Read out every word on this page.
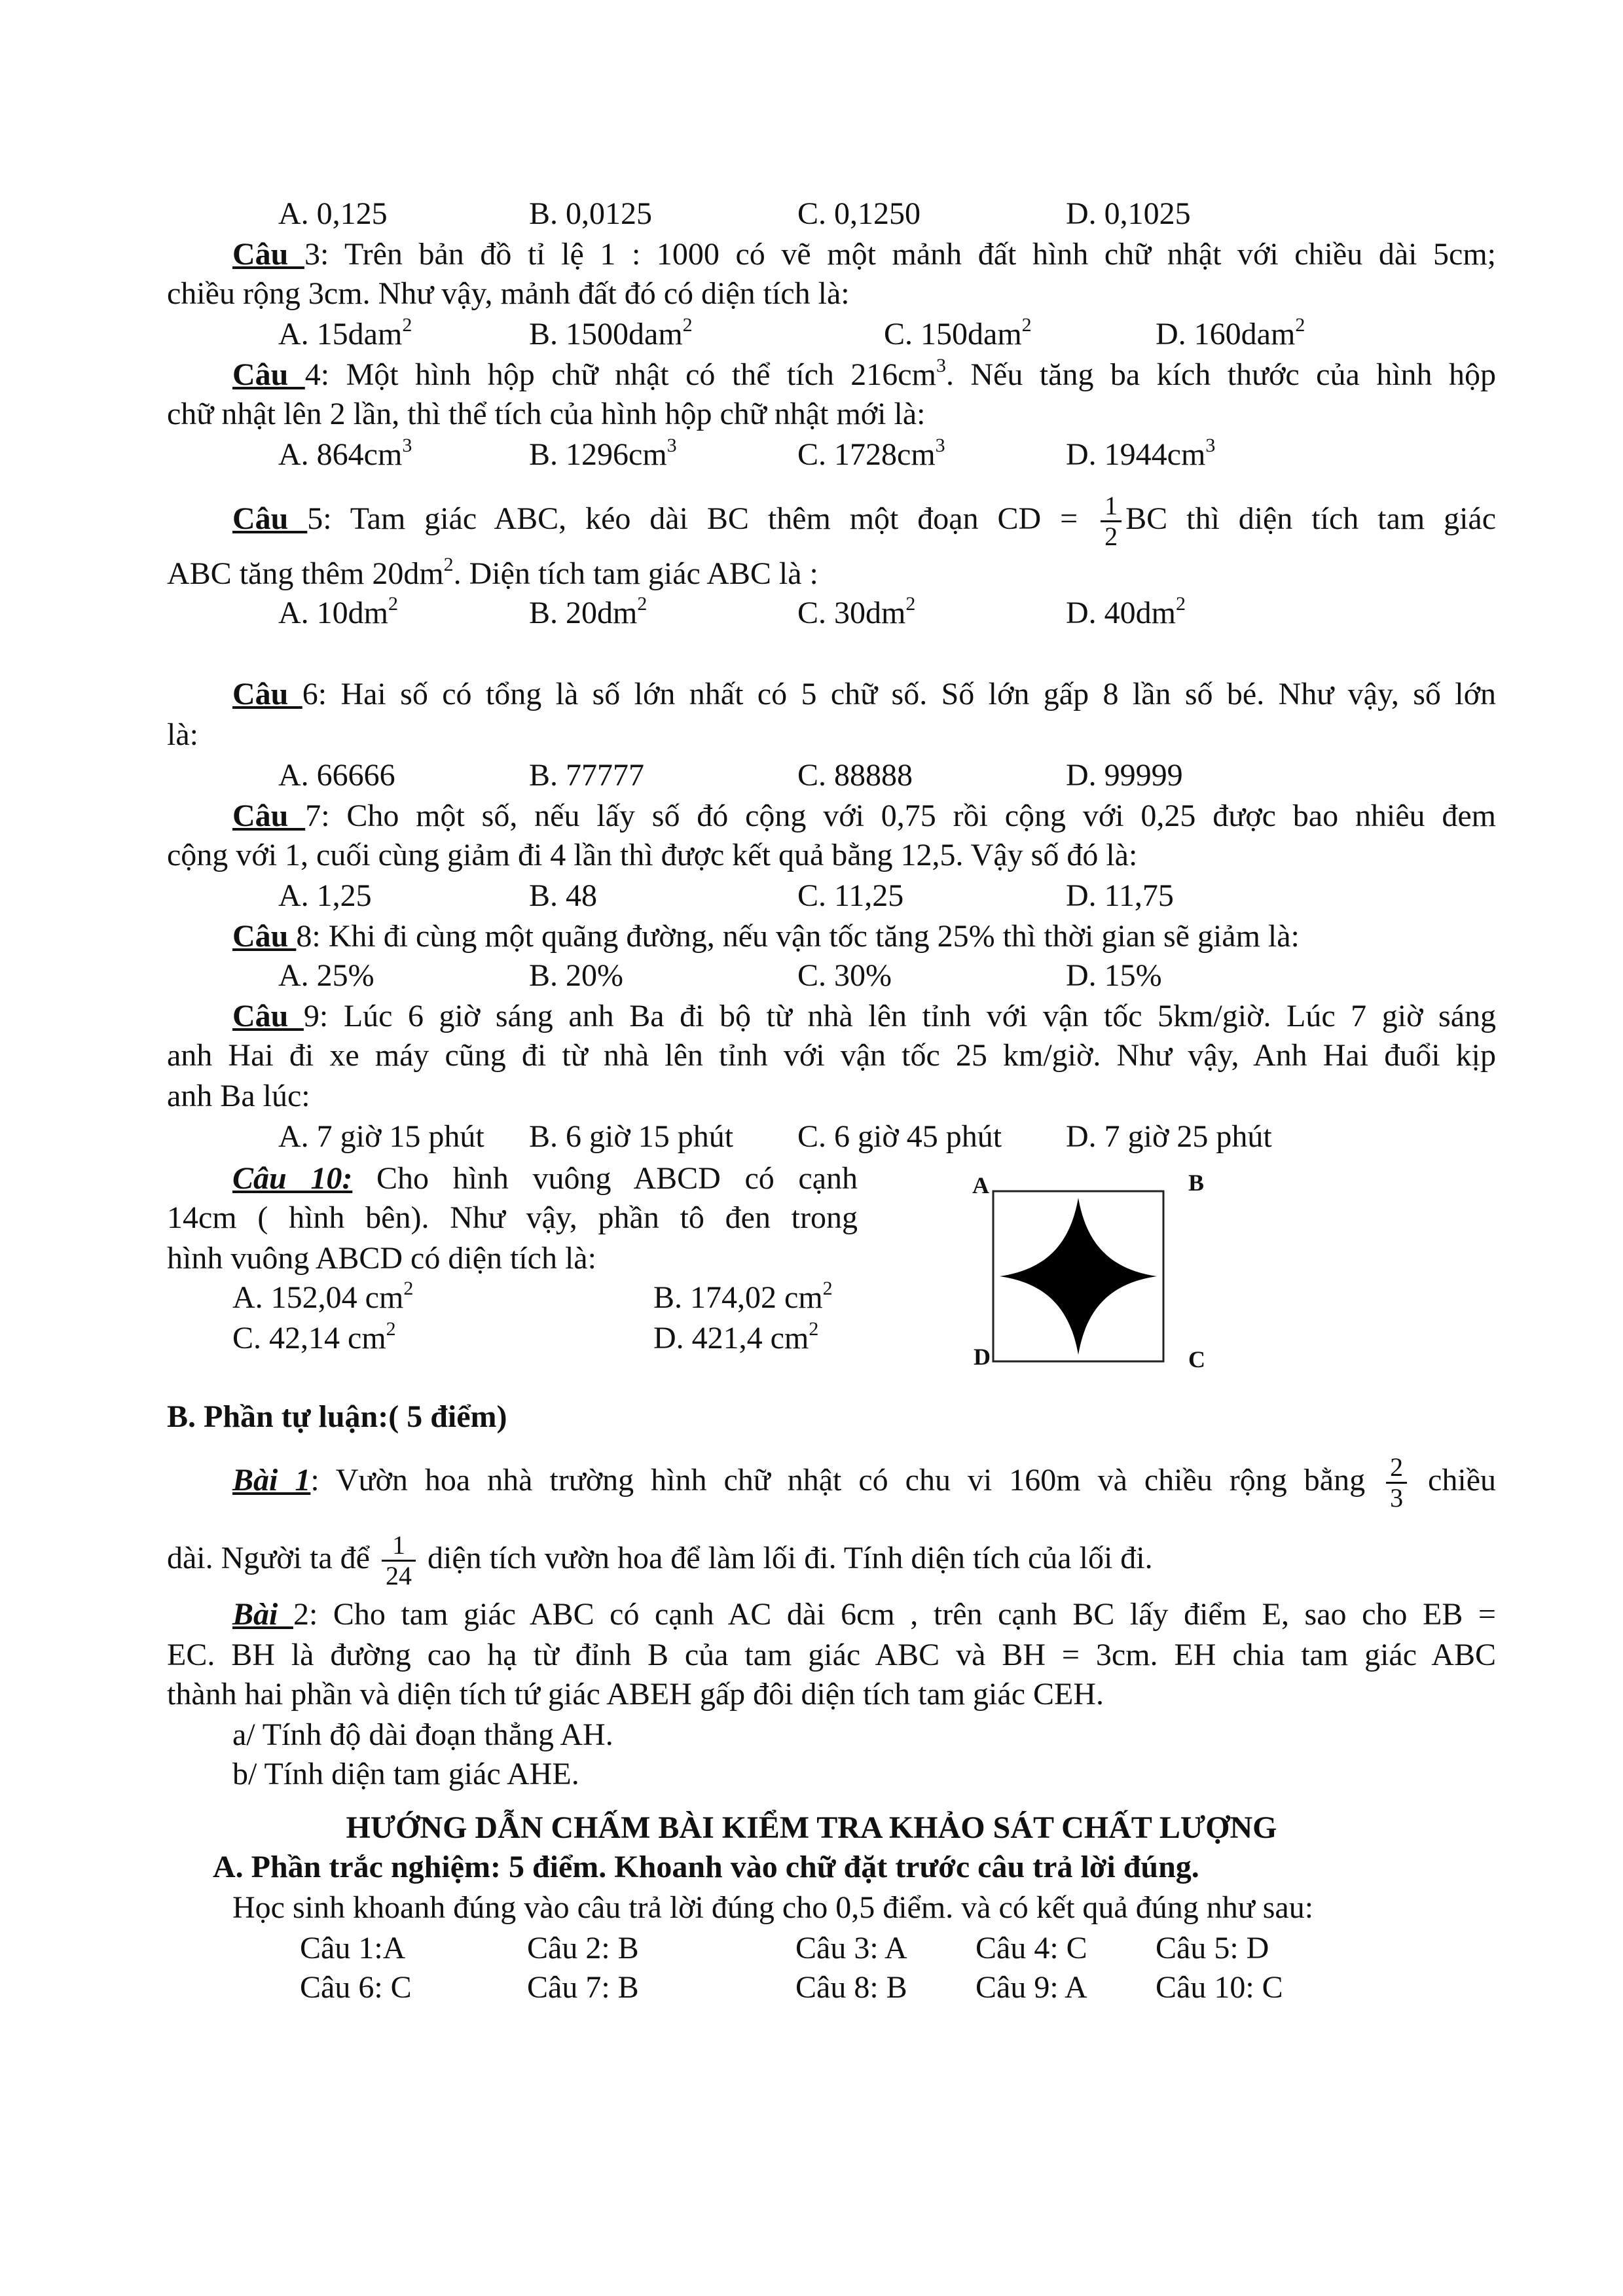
A. 0,125	B. 0,0125	C. 0,1250	D. 0,1025
Câu 3: Trên bản đồ tỉ lệ 1 : 1000 có vẽ một mảnh đất hình chữ nhật với chiều dài 5cm;
chiều rộng 3cm. Như vậy, mảnh đất đó có diện tích là:
A. 15dam$^2$	B. 1500dam$^2$	C. 150dam$^2$	D. 160dam$^2$
Câu 4: Một hình hộp chữ nhật có thể tích $216cm^3$. Nếu tăng ba kích thước của hình hộp
chữ nhật lên 2 lần, thì thể tích của hình hộp chữ nhật mới là:
A. $864cm^3$	B. $1296cm^3$	C. $1728cm^3$	D. $1944cm^3$
Câu 5: Tam giác ABC, kéo dài BC thêm một đoạn CD = $\frac{1}{2}$ BC thì diện tích tam giác
ABC tăng thêm $20dm^2$. Diện tích tam giác ABC là :
A. $10dm^2$	B. $20dm^2$	C. $30dm^2$	D. $40dm^2$
Câu 6: Hai số có tổng là số lớn nhất có 5 chữ số. Số lớn gấp 8 lần số bé. Như vậy, số lớn
là:
A. 66666	B. 77777	C. 88888	D. 99999
Câu 7: Cho một số, nếu lấy số đó cộng với 0,75 rồi cộng với 0,25 được bao nhiêu đem
cộng với 1, cuối cùng giảm đi 4 lần thì được kết quả bằng 12,5. Vậy số đó là:
A. 1,25	B. 48	C. 11,25	D. 11,75
Câu 8: Khi đi cùng một quãng đường, nếu vận tốc tăng 25% thì thời gian sẽ giảm là:
A. 25%	B. 20%	C. 30%	D. 15%
Câu 9: Lúc 6 giờ sáng anh Ba đi bộ từ nhà lên tỉnh với vận tốc 5km/giờ. Lúc 7 giờ sáng
anh Hai đi xe máy cũng đi từ nhà lên tỉnh với vận tốc 25 km/giờ. Như vậy, Anh Hai đuổi kịp
anh Ba lúc:
A. 7 giờ 15 phút B. 6 giờ 15 phút C. 6 giờ 45 phút D. 7 giờ 25 phút
Câu 10: Cho hình vuông ABCD có cạnh
14cm ( hình bên). Như vậy, phần tô đen trong
hình vuông ABCD có diện tích là:
A. 152,04 $cm^2$	B. 174,02 $cm^2$
C. 42,14 $cm^2$	D. 421,4 $cm^2$
A	B
C
D
B. Phần tự luận:( 5 điểm)
Bài 1: Vườn hoa nhà trường hình chữ nhật có chu vi 160m và chiều rộng bằng $\frac{2}{3}$ chiều
dài. Người ta để $\frac{1}{24}$ diện tích vườn hoa để làm lối đi. Tính diện tích của lối đi.
Bài 2: Cho tam giác ABC có cạnh AC dài 6cm , trên cạnh BC lấy điểm E, sao cho EB =
EC. BH là đường cao hạ từ đỉnh B của tam giác ABC và BH = 3cm. EH chia tam giác ABC
thành hai phần và diện tích tứ giác ABEH gấp đôi diện tích tam giác CEH.
a/ Tính độ dài đoạn thẳng AH.
b/ Tính diện tam giác AHE.
HƯỚNG DẪN CHẤM BÀI KIỂM TRA KHẢO SÁT CHẤT LƯỢNG
A. Phần trắc nghiệm: 5 điểm. Khoanh vào chữ đặt trước câu trả lời đúng.
Học sinh khoanh đúng vào câu trả lời đúng cho 0,5 điểm. và có kết quả đúng như sau:
Câu 1:A	Câu 2: B	Câu 3: A Câu 4: C Câu 5: D
Câu 6: C	Câu 7: B	Câu 8: B Câu 9: A Câu 10: C
